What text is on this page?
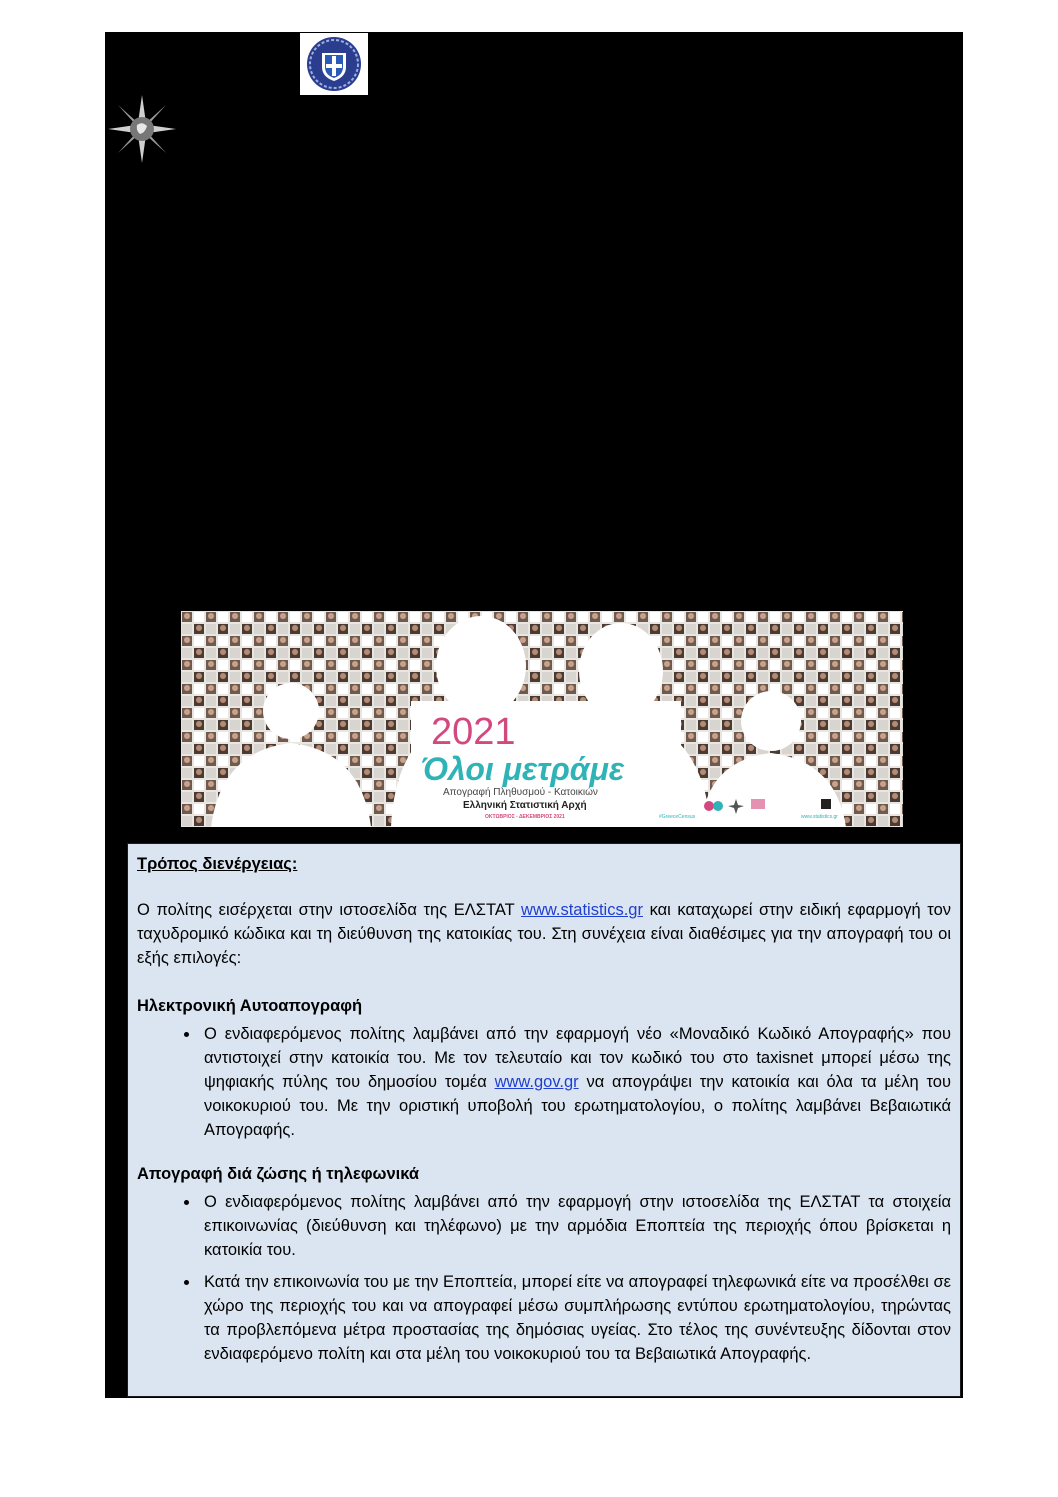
2021
Όλοι μετράμε
Απογραφή Πληθυσμού - Κατοικιών
Ελληνική Στατιστική Αρχή
ΟΚΤΩΒΡΙΟΣ - ΔΕΚΕΜΒΡΙΟΣ 2021	#GreeceCensus	www.statistics.gr

Τρόπος διενέργειας:

Ο πολίτης εισέρχεται στην ιστοσελίδα της ΕΛΣΤΑΤ www.statistics.gr και καταχωρεί στην ειδική εφαρμογή τον ταχυδρομικό κώδικα και τη διεύθυνση της κατοικίας του. Στη συνέχεια είναι διαθέσιμες για την απογραφή του οι εξής επιλογές:

Ηλεκτρονική Αυτοαπογραφή

• Ο ενδιαφερόμενος πολίτης λαμβάνει από την εφαρμογή νέο «Μοναδικό Κωδικό Απογραφής» που αντιστοιχεί στην κατοικία του. Με τον τελευταίο και τον κωδικό του στο taxisnet μπορεί μέσω της ψηφιακής πύλης του δημοσίου τομέα www.gov.gr να απογράψει την κατοικία και όλα τα μέλη του νοικοκυριού του. Με την οριστική υποβολή του ερωτηματολογίου, ο πολίτης λαμβάνει Βεβαιωτικά Απογραφής.

Απογραφή διά ζώσης ή τηλεφωνικά

• Ο ενδιαφερόμενος πολίτης λαμβάνει από την εφαρμογή στην ιστοσελίδα της ΕΛΣΤΑΤ τα στοιχεία επικοινωνίας (διεύθυνση και τηλέφωνο) με την αρμόδια Εποπτεία της περιοχής όπου βρίσκεται η κατοικία του.
• Κατά την επικοινωνία του με την Εποπτεία, μπορεί είτε να απογραφεί τηλεφωνικά είτε να προσέλθει σε χώρο της περιοχής του και να απογραφεί μέσω συμπλήρωσης εντύπου ερωτηματολογίου, τηρώντας τα προβλεπόμενα μέτρα προστασίας της δημόσιας υγείας. Στο τέλος της συνέντευξης δίδονται στον ενδιαφερόμενο πολίτη και στα μέλη του νοικοκυριού του τα Βεβαιωτικά Απογραφής.
